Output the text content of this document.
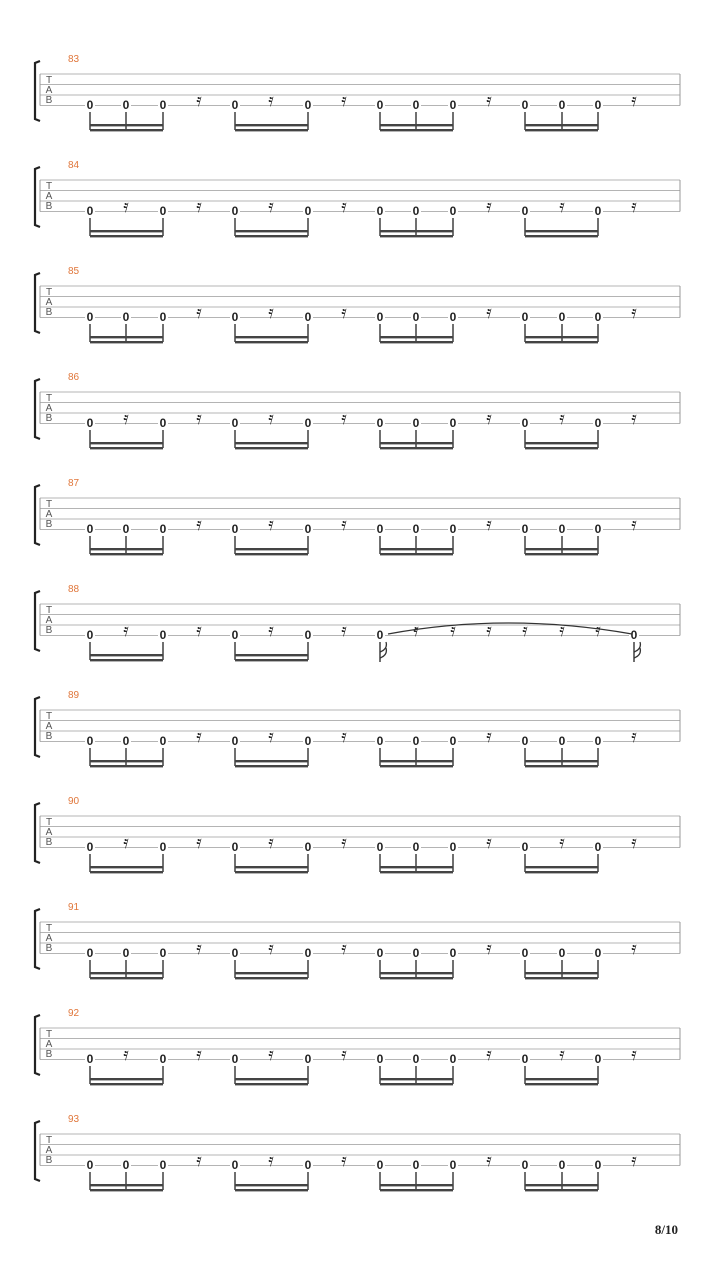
83
T
A
B	0 0	0 𝄿 0 𝄿	0 𝄿 0 0	0 𝄿 0	0 0 𝄿
84
T
A
B	0 𝄿	0 𝄿 0 𝄿	0 𝄿 0 0	0 𝄿 0 𝄿 0 𝄿
85
T
A
B	0 0	0 𝄿 0 𝄿	0 𝄿 0 0	0 𝄿 0	0 0 𝄿
86
T
A
B	0 𝄿	0 𝄿 0 𝄿	0 𝄿 0 0	0 𝄿 0 𝄿 0 𝄿
87
T
A
B	0 0	0 𝄿 0 𝄿	0 𝄿 0 0	0 𝄿 0	0 0 𝄿
88
T
A
B	0 𝄿	0 𝄿 0 𝄿	0 𝄿 0 𝄿 𝄿 𝄿 𝄿 𝄿 𝄿 0
89
T
A
B	0 0	0 𝄿 0 𝄿	0 𝄿 0 0	0 𝄿 0	0 0 𝄿
90
T
A
B	0 𝄿	0 𝄿 0 𝄿	0 𝄿 0 0	0 𝄿 0 𝄿 0 𝄿
91
T
A
B	0 0	0 𝄿 0 𝄿	0 𝄿 0 0	0 𝄿 0	0 0 𝄿
92
T
A
B	0 𝄿	0 𝄿 0 𝄿	0 𝄿 0 0	0 𝄿 0 𝄿 0 𝄿
93
T
A
B	0 0	0 𝄿 0 𝄿	0 𝄿 0 0	0 𝄿 0	0 0 𝄿
8/10
